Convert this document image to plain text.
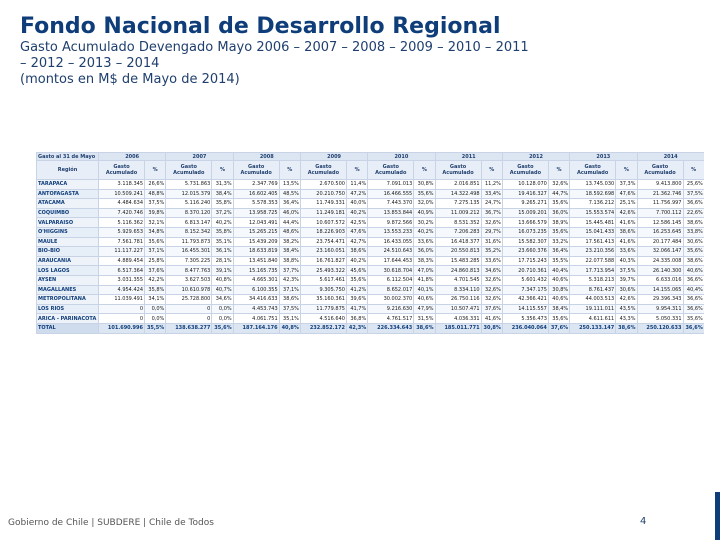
Fondo Nacional de Desarrollo Regional
Gasto Acumulado Devengado Mayo 2006 – 2007 – 2008 – 2009 – 2010 – 2011
– 2012 – 2013 – 2014
(montos en M$ de Mayo de 2014)
Gasto al 31 de Mayo	2006		2007		2008		2009		2010		2011		2012		2013		2014	
Región	Gasto Acumulado	%	Gasto Acumulado	%	Gasto Acumulado	%	Gasto Acumulado	%	Gasto Acumulado	%	Gasto Acumulado	%	Gasto Acumulado	%	Gasto Acumulado	%	Gasto Acumulado	%
TARAPACA	3.118.345	26,6%	5.731.863	31,3%	2.347.769	13,5%	2.670.500	11,4%	7.091.013	30,8%	2.016.851	11,2%	10.128.070	32,6%	13.745.030	37,3%	9.413.800	25,6%
ANTOFAGASTA	10.509.241	48,8%	12.015.379	38,4%	16.602.405	48,5%	20.210.750	47,2%	16.466.555	35,6%	14.322.498	33,4%	19.416.327	44,7%	18.592.698	47,6%	21.362.746	37,5%
ATACAMA	4.484.634	37,5%	5.116.240	35,8%	5.578.353	36,4%	11.749.331	40,0%	7.443.370	32,0%	7.275.135	24,7%	9.265.271	35,6%	7.136.212	25,1%	11.756.997	36,6%
COQUIMBO	7.420.746	39,8%	8.370.120	37,2%	13.958.725	46,0%	11.249.181	40,2%	13.853.844	40,9%	11.009.212	36,7%	15.009.201	36,0%	15.553.574	42,6%	7.700.112	22,6%
VALPARAISO	5.116.362	32,1%	6.813.147	40,2%	12.043.491	44,4%	10.607.572	42,5%	9.872.566	30,2%	8.531.352	32,6%	13.666.579	38,9%	15.445.481	41,6%	12.586.145	38,6%
O'HIGGINS	5.929.653	34,8%	8.152.342	35,8%	15.265.215	48,6%	18.226.903	47,6%	13.553.233	40,2%	7.206.283	29,7%	16.073.235	35,6%	15.041.433	38,6%	16.253.645	33,8%
MAULE	7.561.781	35,6%	11.793.873	35,1%	15.439.209	38,2%	23.754.471	42,7%	16.433.055	33,6%	16.418.377	31,6%	15.582.307	33,2%	17.561.413	41,6%	20.177.484	30,6%
BIO-BIO	11.117.227	37,1%	16.455.301	36,1%	18.633.819	38,4%	23.160.051	38,6%	24.510.643	36,0%	20.550.813	35,2%	23.660.376	36,4%	23.210.356	33,6%	32.066.147	35,6%
ARAUCANIA	4.889.454	25,8%	7.305.225	28,1%	13.451.840	38,8%	16.761.827	40,2%	17.644.453	38,3%	15.483.285	33,6%	17.715.243	35,5%	22.077.588	40,3%	24.335.008	38,6%
LOS LAGOS	6.517.364	37,6%	8.477.763	39,1%	15.165.735	37,7%	25.493.322	45,6%	30.618.704	47,0%	24.860.813	34,6%	20.710.361	40,4%	17.713.954	37,5%	26.140.300	40,6%
AYSEN	3.031.355	42,2%	3.627.503	40,8%	4.665.301	42,3%	5.617.461	35,6%	6.112.504	41,8%	4.701.545	32,6%	5.601.432	40,6%	5.318.213	39,7%	6.633.016	36,6%
MAGALLANES	4.954.424	35,8%	10.610.978	40,7%	6.100.355	37,1%	9.305.750	41,2%	8.652.017	40,1%	8.334.110	32,6%	7.347.175	30,8%	8.761.437	30,6%	14.155.065	40,4%
METROPOLITANA	11.039.491	34,1%	25.728.800	34,6%	34.416.633	38,6%	35.160.361	39,6%	30.002.370	40,6%	26.750.116	32,6%	42.366.421	40,6%	44.003.513	42,6%	29.396.343	36,6%
LOS RIOS	0	0,0%	0	0,0%	4.453.743	37,5%	11.779.875	41,7%	9.216.630	47,9%	10.507.471	37,6%	14.115.557	38,4%	19.111.011	43,5%	9.954.311	36,6%
ARICA - PARINACOTA	0	0,0%	0	0,0%	4.061.751	35,1%	4.516.640	36,8%	4.761.517	31,5%	4.036.331	41,6%	5.356.473	35,6%	4.611.611	43,3%	5.050.331	35,6%
TOTAL	101.690.996	35,5%	138.638.277	35,6%	187.164.176	40,8%	232.852.172	42,3%	226.334.643	38,6%	185.011.771	30,8%	236.040.064	37,6%	250.133.147	38,6%	250.120.633	36,6%
Gobierno de Chile | SUBDERE | Chile de Todos	4
